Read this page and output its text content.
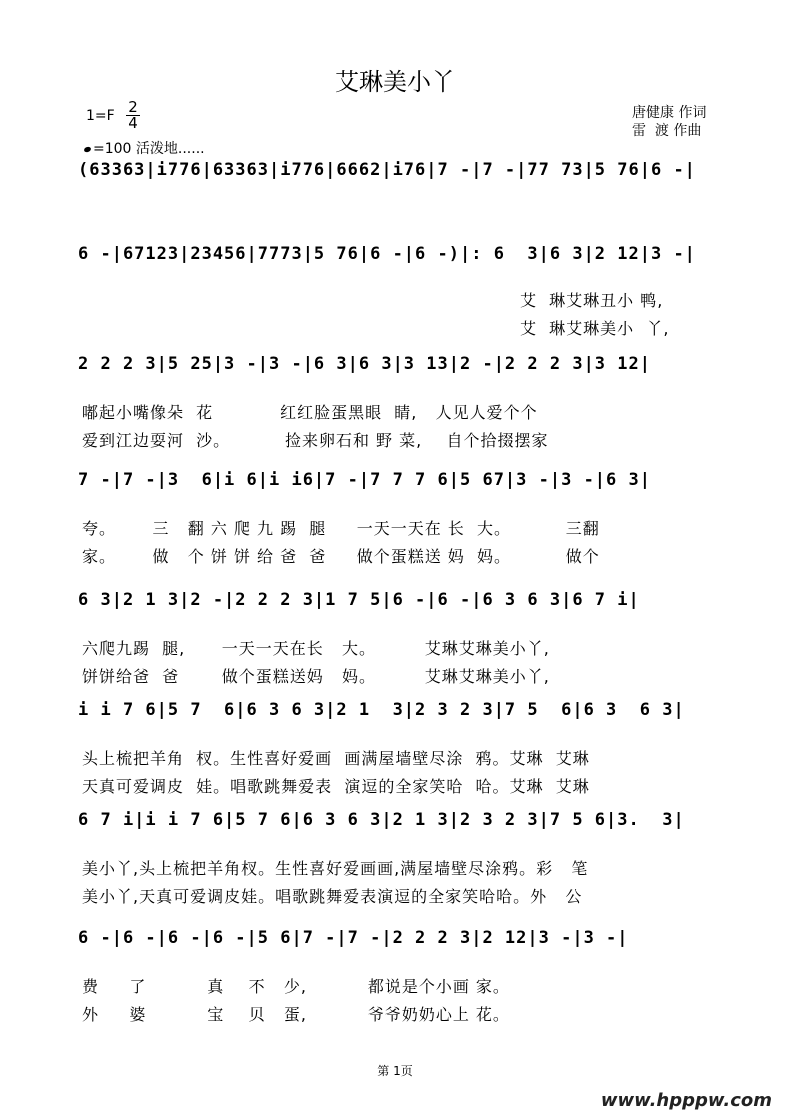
艾琳美小丫
$1=F \frac{2}{4}$
=100 活泼地......
唐健康 作词
雷  渡 作曲
(63363|i776|63363|i776|6662|i76|7 -|7 -|77 73|5 76|6 -|
6 -|67123|23456|7773|5 76|6 -|6 -)|: 6  3|6 3|2 12|3 -|
艾  琳艾琳丑小 鸭,
艾  琳艾琳美小  丫,
2 2 2 3|5 25|3 -|3 -|6 3|6 3|3 13|2 -|2 2 2 3|3 12|
嘟起小嘴像朵  花           红红脸蛋黑眼  睛,   人见人爱个个
爱到江边耍河  沙。         捡来卵石和 野 菜,    自个拾掇摆家
7 -|7 -|3  6|i 6|i i6|7 -|7 7 7 6|5 67|3 -|3 -|6 3|
夸。      三   翻 六 爬 九 踢  腿     一天一天在 长  大。         三翻
家。      做   个 饼 饼 给 爸  爸     做个蛋糕送 妈  妈。         做个
6 3|2 1 3|2 -|2 2 2 3|1 7 5|6 -|6 -|6 3 6 3|6 7 i|
六爬九踢  腿,      一天一天在长   大。        艾琳艾琳美小丫,
饼饼给爸  爸       做个蛋糕送妈   妈。        艾琳艾琳美小丫,
i i 7 6|5 7  6|6 3 6 3|2 1  3|2 3 2 3|7 5  6|6 3  6 3|
头上梳把羊角  杈。生性喜好爱画  画满屋墙壁尽涂  鸦。艾琳  艾琳
天真可爱调皮  娃。唱歌跳舞爱表  演逗的全家笑哈  哈。艾琳  艾琳
6 7 i|i i 7 6|5 7 6|6 3 6 3|2 1 3|2 3 2 3|7 5 6|3.  3|
美小丫,头上梳把羊角杈。生性喜好爱画画,满屋墙壁尽涂鸦。彩   笔
美小丫,天真可爱调皮娃。唱歌跳舞爱表演逗的全家笑哈哈。外   公
6 -|6 -|6 -|6 -|5 6|7 -|7 -|2 2 2 3|2 12|3 -|3 -|
费     了          真    不   少,          都说是个小画 家。
外     婆          宝    贝   蛋,          爷爷奶奶心上 花。
第 1页
www.hpppw.com
